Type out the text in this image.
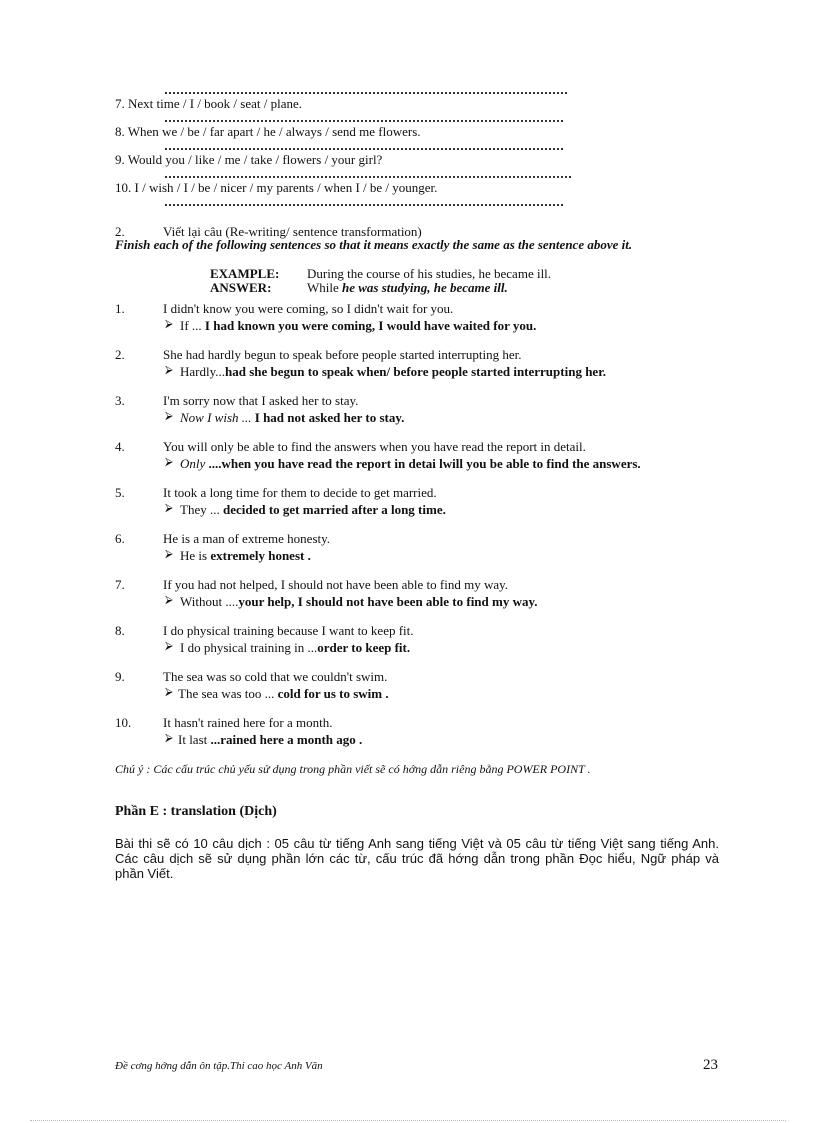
7. Next time / I / book / seat / plane.
8. When we / be / far apart / he / always / send me flowers.
9. Would you / like / me / take / flowers / your girl?
10. I / wish / I / be / nicer / my parents / when I / be / younger.
2.	Viết lại câu (Re-writing/ sentence transformation)
Finish each of the following sentences so that it means exactly the same as the sentence above it.
EXAMPLE: During the course of his studies, he became ill.
ANSWER:	While he was studying, he became ill.
1.	I didn't know you were coming, so I didn't wait for you.
⮚ If ... I had known you were coming, I would have waited for you.
2.	She had hardly begun to speak before people started interrupting her.
⮚ Hardly...had she begun to speak when/ before people started interrupting her.
3.	I'm sorry now that I asked her to stay.
⮚ Now I wish ... I had not asked her to stay.
4.	You will only be able to find the answers when you have read the report in detail.
⮚ Only ....when you have read the report in detai lwill you be able to find the answers.
5.	It took a long time for them to decide to get married.
⮚ They ... decided to get married after a long time.
6.	He is a man of extreme honesty.
⮚ He is extremely honest .
7.	If you had not helped, I should not have been able to find my way.
⮚ Without ....your help, I should not have been able to find my way.
8.	I do physical training because I want to keep fit.
⮚ I do physical training in ...order to keep fit.
9.	The sea was so cold that we couldn't swim.
⮚ The sea was too ... cold for us to swim .
10. It hasn't rained here for a month.
⮚ It last ...rained here a month ago .
Chú ý : Các cấu trúc chủ yếu sử dụng trong phần viết sẽ có hớng dẫn riêng bằng POWER POINT .
Phần E : translation (Dịch)
Bài thi sẽ có 10 câu dịch : 05 câu từ tiếng Anh sang tiếng Việt và 05 câu từ tiếng Việt sang tiếng Anh. Các câu dịch sẽ sử dụng phần lớn các từ, cấu trúc đã hớng dẫn trong phần Đọc hiểu, Ngữ pháp và phần Viết.
Đề cơng hớng dẫn ôn tập.Thi cao học Anh Văn	23
